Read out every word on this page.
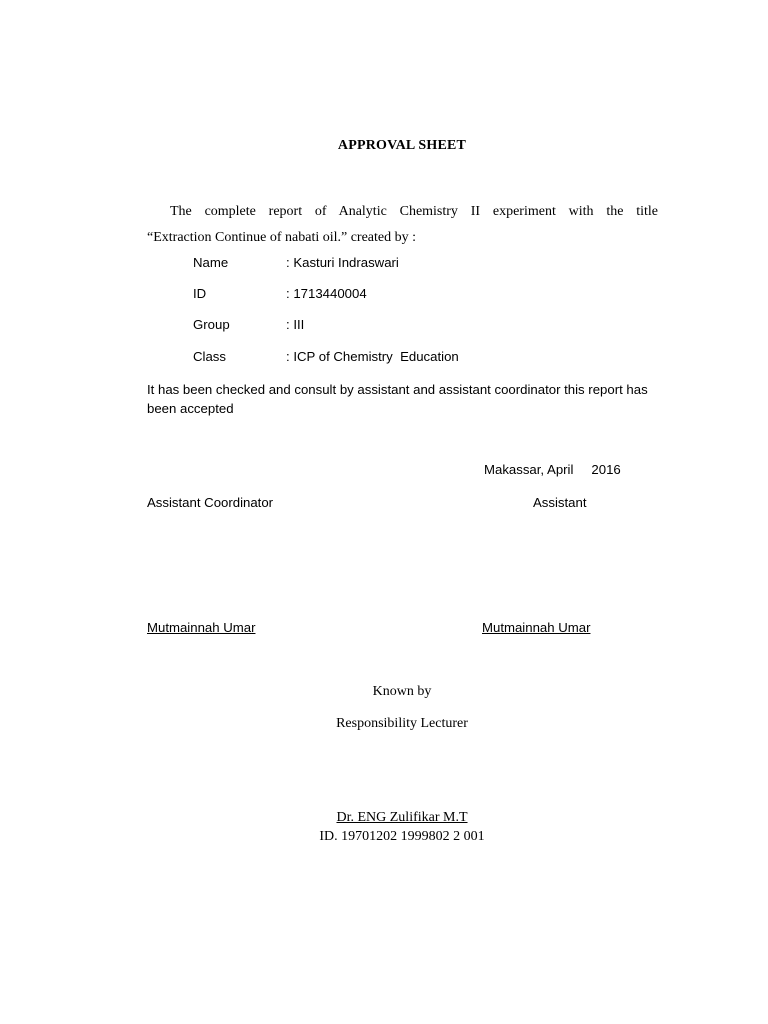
APPROVAL SHEET
The complete report of Analytic Chemistry II experiment with the title
“Extraction Continue of nabati oil.” created by :
Name	: Kasturi Indraswari
ID	: 1713440004
Group	: III
Class	: ICP of Chemistry  Education
It has been checked and consult by assistant and assistant coordinator this report has been accepted
Makassar, April 2016
Assistant Coordinator	Assistant
Mutmainnah Umar	Mutmainnah Umar
Known by
Responsibility Lecturer
Dr. ENG Zulifikar M.T
ID. 19701202 1999802 2 001
